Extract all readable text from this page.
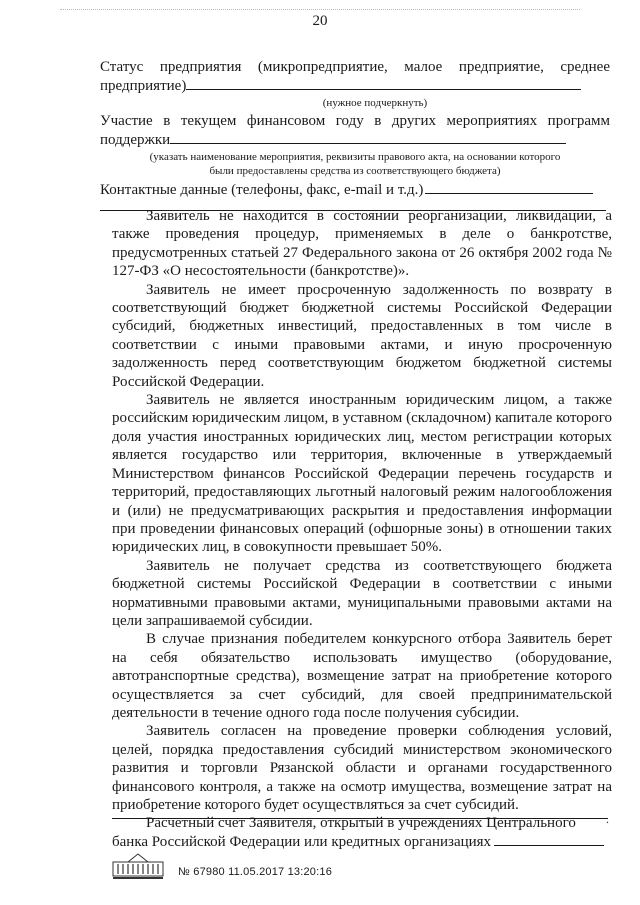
20
Статус предприятия (микропредприятие, малое предприятие, среднее
предприятие)
(нужное подчеркнуть)
Участие в текущем финансовом году в других мероприятиях программ
поддержки
(указать наименование мероприятия, реквизиты правового акта, на основании которого
были предоставлены средства из соответствующего бюджета)
Контактные данные (телефоны, факс, e-mail и т.д.)

Заявитель не находится в состоянии реорганизации, ликвидации, а также проведения процедур, применяемых в деле о банкротстве, предусмотренных статьей 27 Федерального закона от 26 октября 2002 года № 127-ФЗ «О несостоятельности (банкротстве)».

Заявитель не имеет просроченную задолженность по возврату в соответствующий бюджет бюджетной системы Российской Федерации субсидий, бюджетных инвестиций, предоставленных в том числе в соответствии с иными правовыми актами, и иную просроченную задолженность перед соответствующим бюджетом бюджетной системы Российской Федерации.

Заявитель не является иностранным юридическим лицом, а также российским юридическим лицом, в уставном (складочном) капитале которого доля участия иностранных юридических лиц, местом регистрации которых является государство или территория, включенные в утверждаемый Министерством финансов Российской Федерации перечень государств и территорий, предоставляющих льготный налоговый режим налогообложения и (или) не предусматривающих раскрытия и предоставления информации при проведении финансовых операций (офшорные зоны) в отношении таких юридических лиц, в совокупности превышает 50%.

Заявитель не получает средства из соответствующего бюджета бюджетной системы Российской Федерации в соответствии с иными нормативными правовыми актами, муниципальными правовыми актами на цели запрашиваемой субсидии.

В случае признания победителем конкурсного отбора Заявитель берет на себя обязательство использовать имущество (оборудование, автотранспортные средства), возмещение затрат на приобретение которого осуществляется за счет субсидий, для своей предпринимательской деятельности в течение одного года после получения субсидии.

Заявитель согласен на проведение проверки соблюдения условий, целей, порядка предоставления субсидий министерством экономического развития и торговли Рязанской области и органами государственного финансового контроля, а также на осмотр имущества, возмещение затрат на приобретение которого будет осуществляться за счет субсидий.

Расчетный счет Заявителя, открытый в учреждениях Центрального банка Российской Федерации или кредитных организациях

.
№ 67980 11.05.2017 13:20:16
